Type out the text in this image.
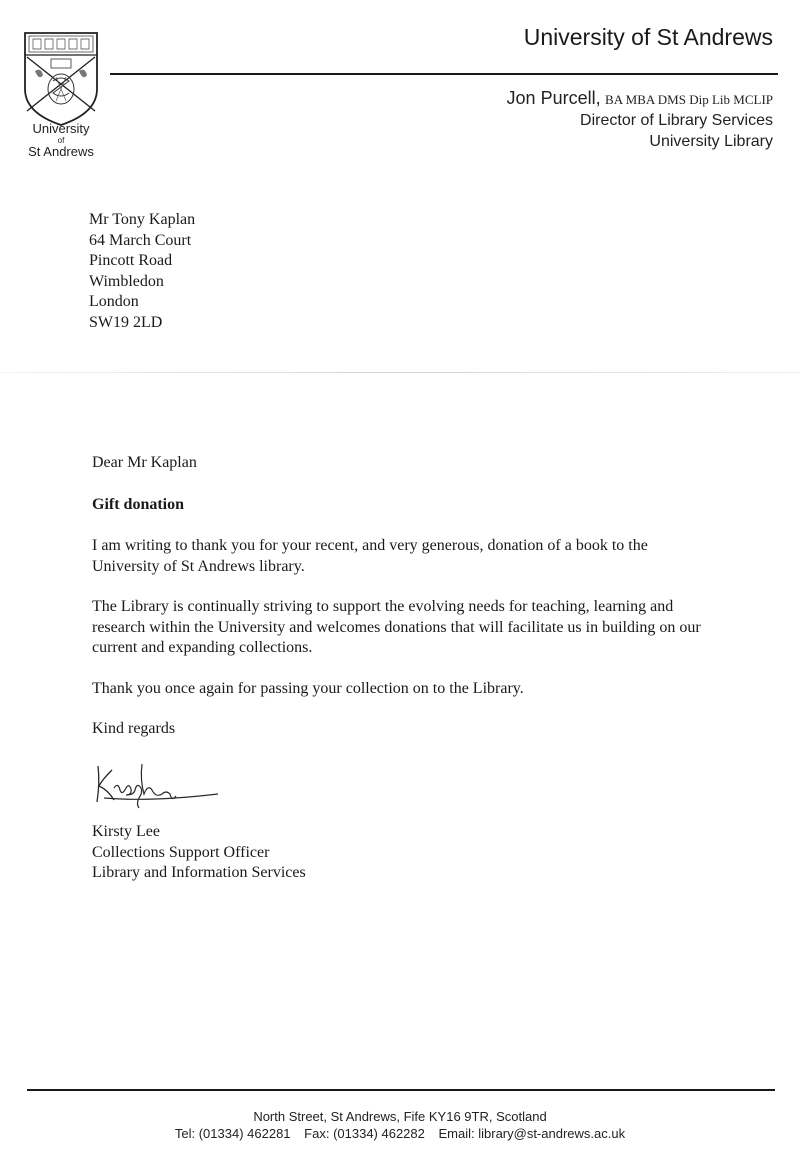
University
of
St Andrews
University of St Andrews
Jon Purcell, BA MBA DMS Dip Lib MCLIP
Director of Library Services
University Library
Mr Tony Kaplan
64 March Court
Pincott Road
Wimbledon
London
SW19 2LD

Dear Mr Kaplan

Gift donation

I am writing to thank you for your recent, and very generous, donation of a book to the University of St Andrews library.

The Library is continually striving to support the evolving needs for teaching, learning and research within the University and welcomes donations that will facilitate us in building on our current and expanding collections.

Thank you once again for passing your collection on to the Library.

Kind regards

Kirsty Lee
Collections Support Officer
Library and Information Services
North Street, St Andrews, Fife KY16 9TR, Scotland
Tel: (01334) 462281 Fax: (01334) 462282 Email: library@st-andrews.ac.uk
